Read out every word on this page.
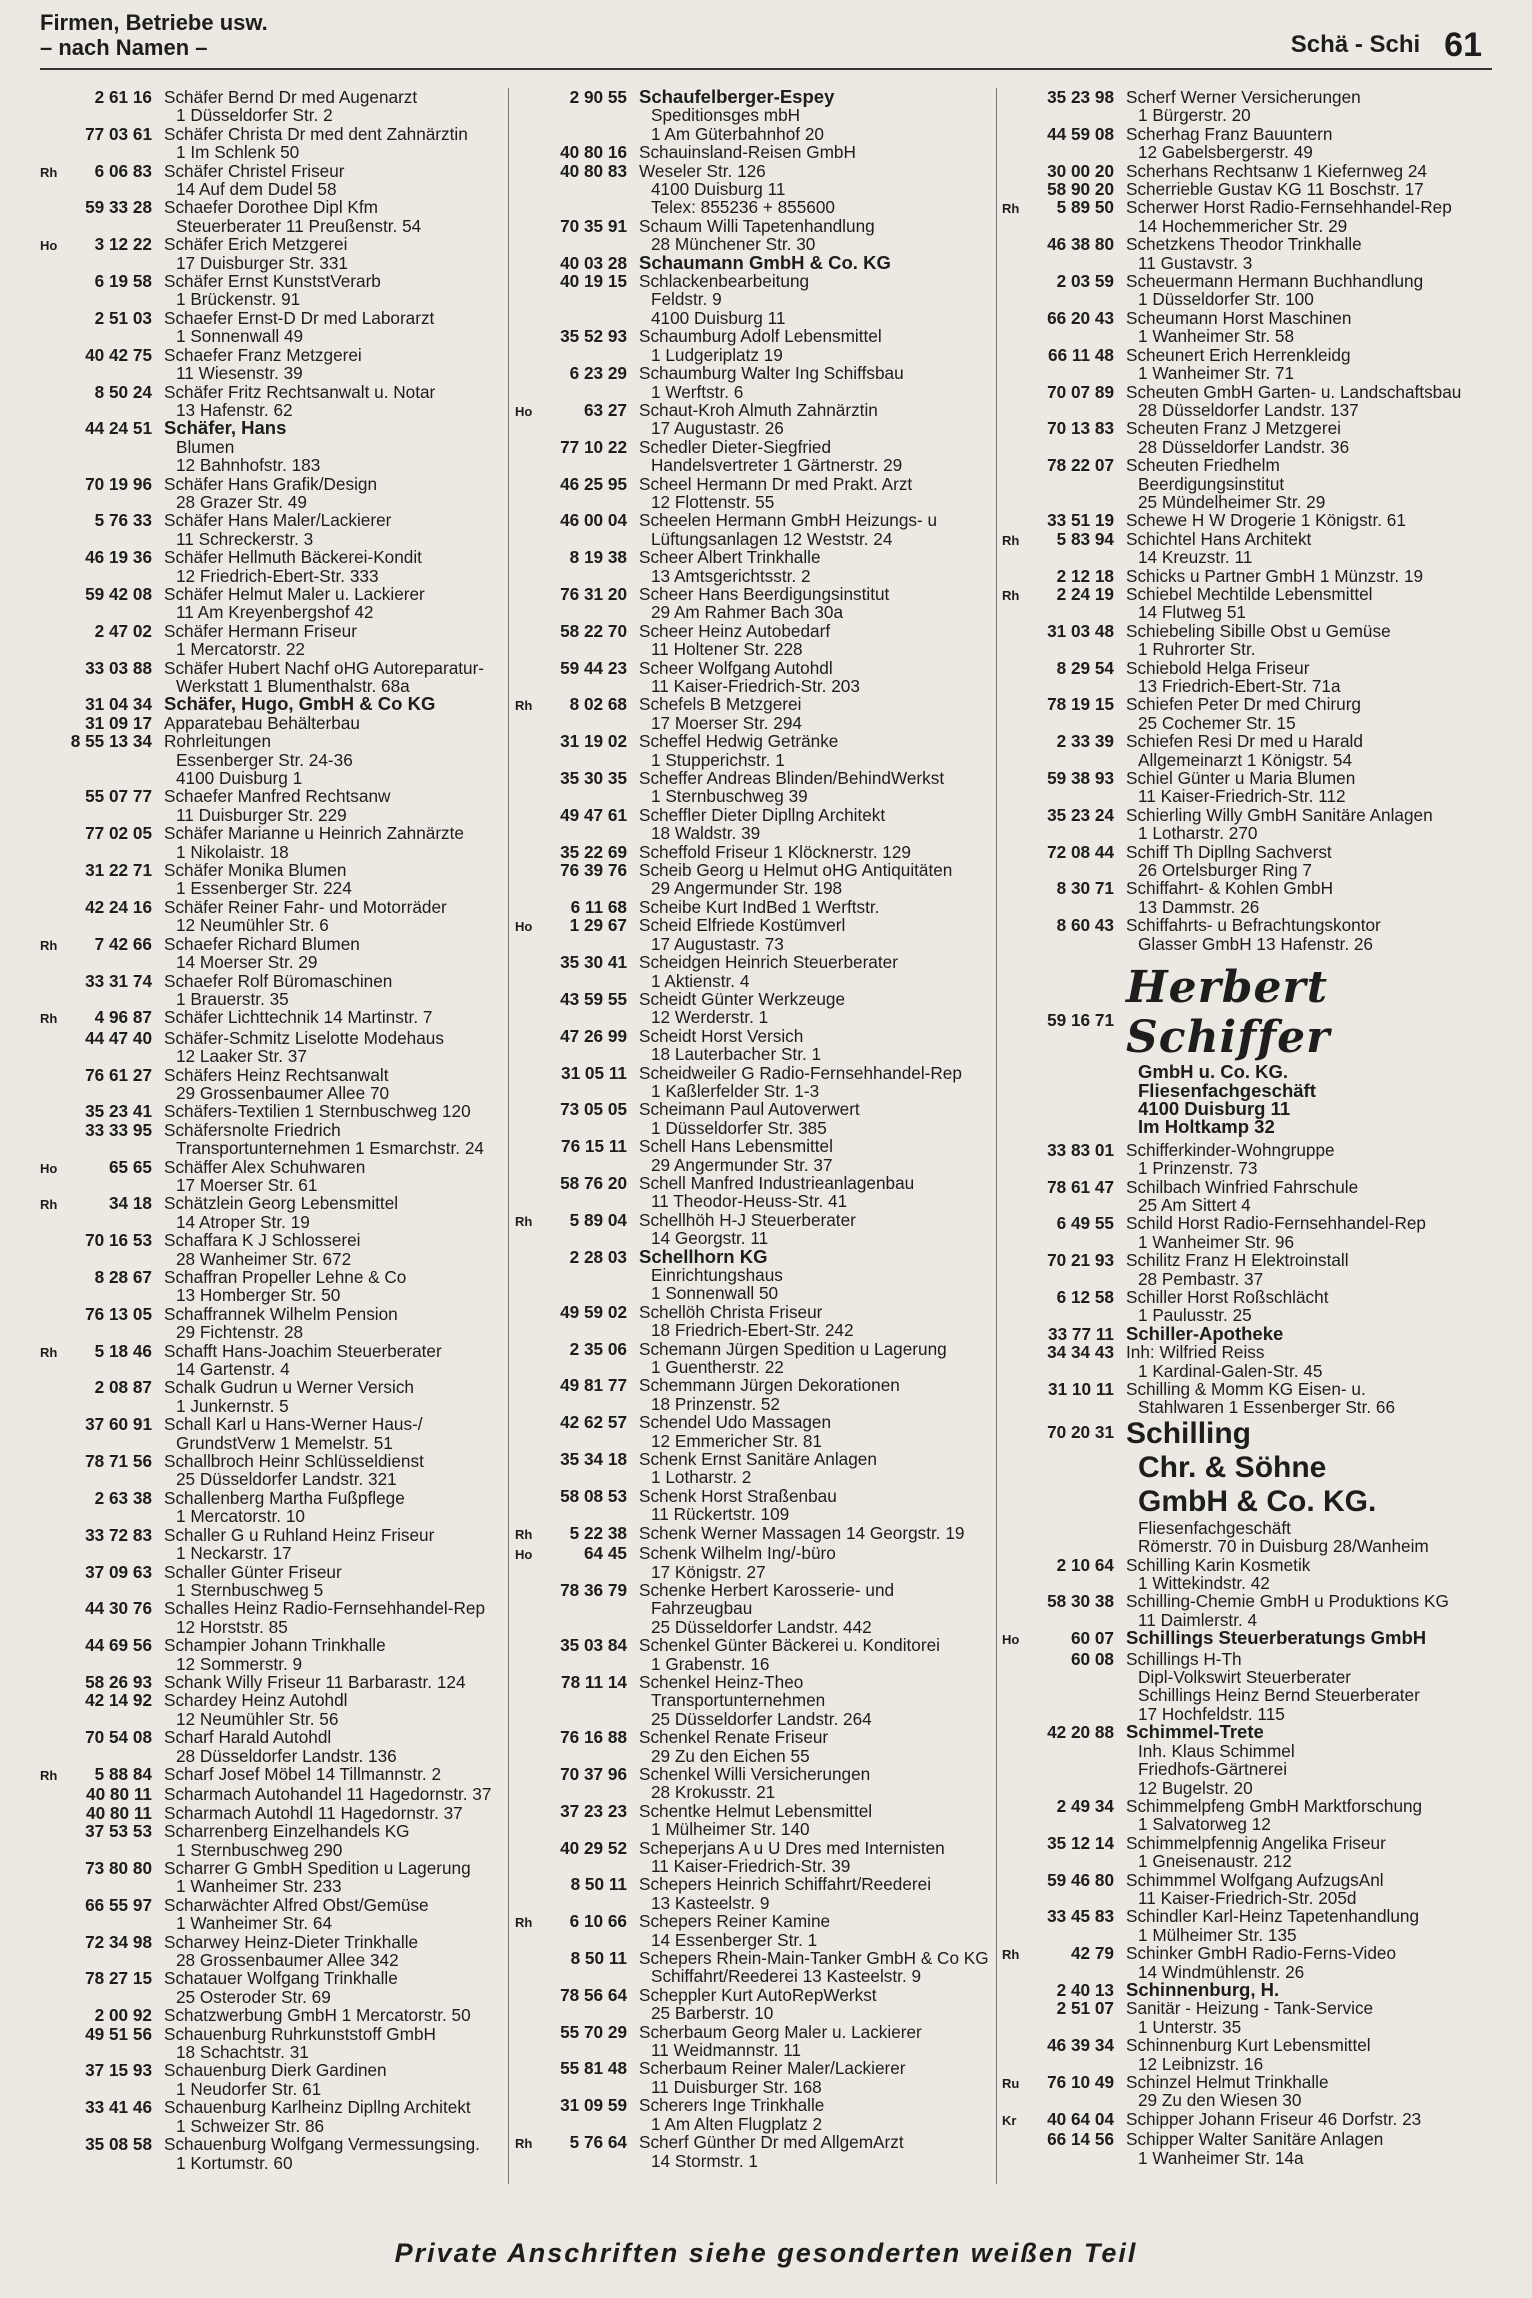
Firmen, Betriebe usw.
– nach Namen –	Schä - Schi 61
2 61 16 Schäfer Bernd Dr med Augenarzt
1 Düsseldorfer Str. 2
77 03 61 Schäfer Christa Dr med dent Zahnärztin
1 Im Schlenk 50
Rh	6 06 83 Schäfer Christel Friseur
14 Auf dem Dudel 58
59 33 28 Schaefer Dorothee Dipl Kfm
Steuerberater 11 Preußenstr. 54
Ho	3 12 22 Schäfer Erich Metzgerei
17 Duisburger Str. 331
6 19 58 Schäfer Ernst KunststVerarb
1 Brückenstr. 91
2 51 03 Schaefer Ernst-D Dr med Laborarzt
1 Sonnenwall 49
40 42 75 Schaefer Franz Metzgerei
11 Wiesenstr. 39
8 50 24 Schäfer Fritz Rechtsanwalt u. Notar
13 Hafenstr. 62
44 24 51 Schäfer, Hans
Blumen
12 Bahnhofstr. 183
70 19 96 Schäfer Hans Grafik/Design
28 Grazer Str. 49
5 76 33 Schäfer Hans Maler/Lackierer
11 Schreckerstr. 3
46 19 36 Schäfer Hellmuth Bäckerei-Kondit
12 Friedrich-Ebert-Str. 333
59 42 08 Schäfer Helmut Maler u. Lackierer
11 Am Kreyenbergshof 42
2 47 02 Schäfer Hermann Friseur
1 Mercatorstr. 22
33 03 88 Schäfer Hubert Nachf oHG Autoreparatur-
Werkstatt 1 Blumenthalstr. 68a
31 04 34 Schäfer, Hugo, GmbH & Co KG
31 09 17 Apparatebau Behälterbau
8 55 13 34 Rohrleitungen
Essenberger Str. 24-36
4100 Duisburg 1
55 07 77 Schaefer Manfred Rechtsanw
11 Duisburger Str. 229
77 02 05 Schäfer Marianne u Heinrich Zahnärzte
1 Nikolaistr. 18
31 22 71 Schäfer Monika Blumen
1 Essenberger Str. 224
42 24 16 Schäfer Reiner Fahr- und Motorräder
12 Neumühler Str. 6
Rh	7 42 66 Schaefer Richard Blumen
14 Moerser Str. 29
33 31 74 Schaefer Rolf Büromaschinen
1 Brauerstr. 35
Rh	4 96 87 Schäfer Lichttechnik 14 Martinstr. 7
44 47 40 Schäfer-Schmitz Liselotte Modehaus
12 Laaker Str. 37
76 61 27 Schäfers Heinz Rechtsanwalt
29 Grossenbaumer Allee 70
35 23 41 Schäfers-Textilien 1 Sternbuschweg 120
33 33 95 Schäfersnolte Friedrich
Transportunternehmen 1 Esmarchstr. 24
Ho	65 65 Schäffer Alex Schuhwaren
17 Moerser Str. 61
Rh	34 18 Schätzlein Georg Lebensmittel
14 Atroper Str. 19
70 16 53 Schaffara K J Schlosserei
28 Wanheimer Str. 672
8 28 67 Schaffran Propeller Lehne & Co
13 Homberger Str. 50
76 13 05 Schaffrannek Wilhelm Pension
29 Fichtenstr. 28
Rh	5 18 46 Schafft Hans-Joachim Steuerberater
14 Gartenstr. 4
2 08 87 Schalk Gudrun u Werner Versich
1 Junkernstr. 5
37 60 91 Schall Karl u Hans-Werner Haus-/
GrundstVerw 1 Memelstr. 51
78 71 56 Schallbroch Heinr Schlüsseldienst
25 Düsseldorfer Landstr. 321
2 63 38 Schallenberg Martha Fußpflege
1 Mercatorstr. 10
33 72 83 Schaller G u Ruhland Heinz Friseur
1 Neckarstr. 17
37 09 63 Schaller Günter Friseur
1 Sternbuschweg 5
44 30 76 Schalles Heinz Radio-Fernsehhandel-Rep
12 Horststr. 85
44 69 56 Schampier Johann Trinkhalle
12 Sommerstr. 9
58 26 93 Schank Willy Friseur 11 Barbarastr. 124
42 14 92 Schardey Heinz Autohdl
12 Neumühler Str. 56
70 54 08 Scharf Harald Autohdl
28 Düsseldorfer Landstr. 136
Rh	5 88 84 Scharf Josef Möbel 14 Tillmannstr. 2
40 80 11 Scharmach Autohandel 11 Hagedornstr. 37
40 80 11 Scharmach Autohdl 11 Hagedornstr. 37
37 53 53 Scharrenberg Einzelhandels KG
1 Sternbuschweg 290
73 80 80 Scharrer G GmbH Spedition u Lagerung
1 Wanheimer Str. 233
66 55 97 Scharwächter Alfred Obst/Gemüse
1 Wanheimer Str. 64
72 34 98 Scharwey Heinz-Dieter Trinkhalle
28 Grossenbaumer Allee 342
78 27 15 Schatauer Wolfgang Trinkhalle
25 Osteroder Str. 69
2 00 92 Schatzwerbung GmbH 1 Mercatorstr. 50
49 51 56 Schauenburg Ruhrkunststoff GmbH
18 Schachtstr. 31
37 15 93 Schauenburg Dierk Gardinen
1 Neudorfer Str. 61
33 41 46 Schauenburg Karlheinz Dipllng Architekt
1 Schweizer Str. 86
35 08 58 Schauenburg Wolfgang Vermessungsing.
1 Kortumstr. 60
2 90 55 Schaufelberger-Espey
Speditionsges mbH
1 Am Güterbahnhof 20
40 80 16 Schauinsland-Reisen GmbH
40 80 83 Weseler Str. 126
4100 Duisburg 11
Telex: 855236 + 855600
70 35 91 Schaum Willi Tapetenhandlung
28 Münchener Str. 30
40 03 28 Schaumann GmbH & Co. KG
40 19 15 Schlackenbearbeitung
Feldstr. 9
4100 Duisburg 11
35 52 93 Schaumburg Adolf Lebensmittel
1 Ludgeriplatz 19
6 23 29 Schaumburg Walter Ing Schiffsbau
1 Werftstr. 6
Ho	63 27 Schaut-Kroh Almuth Zahnärztin
17 Augustastr. 26
77 10 22 Schedler Dieter-Siegfried
Handelsvertreter 1 Gärtnerstr. 29
46 25 95 Scheel Hermann Dr med Prakt. Arzt
12 Flottenstr. 55
46 00 04 Scheelen Hermann GmbH Heizungs- u
Lüftungsanlagen 12 Weststr. 24
8 19 38 Scheer Albert Trinkhalle
13 Amtsgerichtsstr. 2
76 31 20 Scheer Hans Beerdigungsinstitut
29 Am Rahmer Bach 30a
58 22 70 Scheer Heinz Autobedarf
11 Holtener Str. 228
59 44 23 Scheer Wolfgang Autohdl
11 Kaiser-Friedrich-Str. 203
Rh	8 02 68 Schefels B Metzgerei
17 Moerser Str. 294
31 19 02 Scheffel Hedwig Getränke
1 Stupperichstr. 1
35 30 35 Scheffer Andreas Blinden/BehindWerkst
1 Sternbuschweg 39
49 47 61 Scheffler Dieter Dipllng Architekt
18 Waldstr. 39
35 22 69 Scheffold Friseur 1 Klöcknerstr. 129
76 39 76 Scheib Georg u Helmut oHG Antiquitäten
29 Angermunder Str. 198
6 11 68 Scheibe Kurt IndBed 1 Werftstr.
Ho	1 29 67 Scheid Elfriede Kostümverl
17 Augustastr. 73
35 30 41 Scheidgen Heinrich Steuerberater
1 Aktienstr. 4
43 59 55 Scheidt Günter Werkzeuge
12 Werderstr. 1
47 26 99 Scheidt Horst Versich
18 Lauterbacher Str. 1
31 05 11 Scheidweiler G Radio-Fernsehhandel-Rep
1 Kaßlerfelder Str. 1-3
73 05 05 Scheimann Paul Autoverwert
1 Düsseldorfer Str. 385
76 15 11 Schell Hans Lebensmittel
29 Angermunder Str. 37
58 76 20 Schell Manfred Industrieanlagenbau
11 Theodor-Heuss-Str. 41
Rh	5 89 04 Schellhöh H-J Steuerberater
14 Georgstr. 11
2 28 03 Schellhorn KG
Einrichtungshaus
1 Sonnenwall 50
49 59 02 Schellöh Christa Friseur
18 Friedrich-Ebert-Str. 242
2 35 06 Schemann Jürgen Spedition u Lagerung
1 Guentherstr. 22
49 81 77 Schemmann Jürgen Dekorationen
18 Prinzenstr. 52
42 62 57 Schendel Udo Massagen
12 Emmericher Str. 81
35 34 18 Schenk Ernst Sanitäre Anlagen
1 Lotharstr. 2
58 08 53 Schenk Horst Straßenbau
11 Rückertstr. 109
Rh	5 22 38 Schenk Werner Massagen 14 Georgstr. 19
Ho	64 45 Schenk Wilhelm Ing/-büro
17 Königstr. 27
78 36 79 Schenke Herbert Karosserie- und
Fahrzeugbau
25 Düsseldorfer Landstr. 442
35 03 84 Schenkel Günter Bäckerei u. Konditorei
1 Grabenstr. 16
78 11 14 Schenkel Heinz-Theo
Transportunternehmen
25 Düsseldorfer Landstr. 264
76 16 88 Schenkel Renate Friseur
29 Zu den Eichen 55
70 37 96 Schenkel Willi Versicherungen
28 Krokusstr. 21
37 23 23 Schentke Helmut Lebensmittel
1 Mülheimer Str. 140
40 29 52 Scheperjans A u U Dres med Internisten
11 Kaiser-Friedrich-Str. 39
8 50 11 Schepers Heinrich Schiffahrt/Reederei
13 Kasteelstr. 9
Rh	6 10 66 Schepers Reiner Kamine
14 Essenberger Str. 1
8 50 11 Schepers Rhein-Main-Tanker GmbH & Co KG
Schiffahrt/Reederei 13 Kasteelstr. 9
78 56 64 Scheppler Kurt AutoRepWerkst
25 Barberstr. 10
55 70 29 Scherbaum Georg Maler u. Lackierer
11 Weidmannstr. 11
55 81 48 Scherbaum Reiner Maler/Lackierer
11 Duisburger Str. 168
31 09 59 Scherers Inge Trinkhalle
1 Am Alten Flugplatz 2
Rh	5 76 64 Scherf Günther Dr med AllgemArzt
14 Stormstr. 1
35 23 98 Scherf Werner Versicherungen
1 Bürgerstr. 20
44 59 08 Scherhag Franz Bauuntern
12 Gabelsbergerstr. 49
30 00 20 Scherhans Rechtsanw 1 Kiefernweg 24
58 90 20 Scherrieble Gustav KG 11 Boschstr. 17
Rh	5 89 50 Scherwer Horst Radio-Fernsehhandel-Rep
14 Hochemmericher Str. 29
46 38 80 Schetzkens Theodor Trinkhalle
11 Gustavstr. 3
2 03 59 Scheuermann Hermann Buchhandlung
1 Düsseldorfer Str. 100
66 20 43 Scheumann Horst Maschinen
1 Wanheimer Str. 58
66 11 48 Scheunert Erich Herrenkleidg
1 Wanheimer Str. 71
70 07 89 Scheuten GmbH Garten- u. Landschaftsbau
28 Düsseldorfer Landstr. 137
70 13 83 Scheuten Franz J Metzgerei
28 Düsseldorfer Landstr. 36
78 22 07 Scheuten Friedhelm
Beerdigungsinstitut
25 Mündelheimer Str. 29
33 51 19 Schewe H W Drogerie 1 Königstr. 61
Rh	5 83 94 Schichtel Hans Architekt
14 Kreuzstr. 11
2 12 18 Schicks u Partner GmbH 1 Münzstr. 19
Rh	2 24 19 Schiebel Mechtilde Lebensmittel
14 Flutweg 51
31 03 48 Schiebeling Sibille Obst u Gemüse
1 Ruhrorter Str.
8 29 54 Schiebold Helga Friseur
13 Friedrich-Ebert-Str. 71a
78 19 15 Schiefen Peter Dr med Chirurg
25 Cochemer Str. 15
2 33 39 Schiefen Resi Dr med u Harald
Allgemeinarzt 1 Königstr. 54
59 38 93 Schiel Günter u Maria Blumen
11 Kaiser-Friedrich-Str. 112
35 23 24 Schierling Willy GmbH Sanitäre Anlagen
1 Lotharstr. 270
72 08 44 Schiff Th Dipllng Sachverst
26 Ortelsburger Ring 7
8 30 71 Schiffahrt- & Kohlen GmbH
13 Dammstr. 26
8 60 43 Schiffahrts- u Befrachtungskontor
Glasser GmbH 13 Hafenstr. 26
59 16 71
Herbert Schiffer
GmbH u. Co. KG.
Fliesenfachgeschäft
4100 Duisburg 11
Im Holtkamp 32
33 83 01 Schifferkinder-Wohngruppe
1 Prinzenstr. 73
78 61 47 Schilbach Winfried Fahrschule
25 Am Sittert 4
6 49 55 Schild Horst Radio-Fernsehhandel-Rep
1 Wanheimer Str. 96
70 21 93 Schilitz Franz H Elektroinstall
28 Pembastr. 37
6 12 58 Schiller Horst Roßschlächt
1 Paulusstr. 25
33 77 11 Schiller-Apotheke
34 34 43 Inh: Wilfried Reiss
1 Kardinal-Galen-Str. 45
31 10 11 Schilling & Momm KG Eisen- u.
Stahlwaren 1 Essenberger Str. 66
70 20 31 Schilling
Chr. & Söhne
GmbH & Co. KG.
Fliesenfachgeschäft
Römerstr. 70 in Duisburg 28/Wanheim
2 10 64 Schilling Karin Kosmetik
1 Wittekindstr. 42
58 30 38 Schilling-Chemie GmbH u Produktions KG
11 Daimlerstr. 4
Ho	60 07 Schillings Steuerberatungs GmbH
60 08 Schillings H-Th
Dipl-Volkswirt Steuerberater
Schillings Heinz Bernd Steuerberater
17 Hochfeldstr. 115
42 20 88 Schimmel-Trete
Inh. Klaus Schimmel
Friedhofs-Gärtnerei
12 Bugelstr. 20
2 49 34 Schimmelpfeng GmbH Marktforschung
1 Salvatorweg 12
35 12 14 Schimmelpfennig Angelika Friseur
1 Gneisenaustr. 212
59 46 80 Schimmmel Wolfgang AufzugsAnl
11 Kaiser-Friedrich-Str. 205d
33 45 83 Schindler Karl-Heinz Tapetenhandlung
1 Mülheimer Str. 135
Rh	42 79 Schinker GmbH Radio-Ferns-Video
14 Windmühlenstr. 26
2 40 13 Schinnenburg, H.
2 51 07 Sanitär - Heizung - Tank-Service
1 Unterstr. 35
46 39 34 Schinnenburg Kurt Lebensmittel
12 Leibnizstr. 16
Ru	76 10 49 Schinzel Helmut Trinkhalle
29 Zu den Wiesen 30
Kr	40 64 04 Schipper Johann Friseur 46 Dorfstr. 23
66 14 56 Schipper Walter Sanitäre Anlagen
1 Wanheimer Str. 14a
Private Anschriften siehe gesonderten weißen Teil
